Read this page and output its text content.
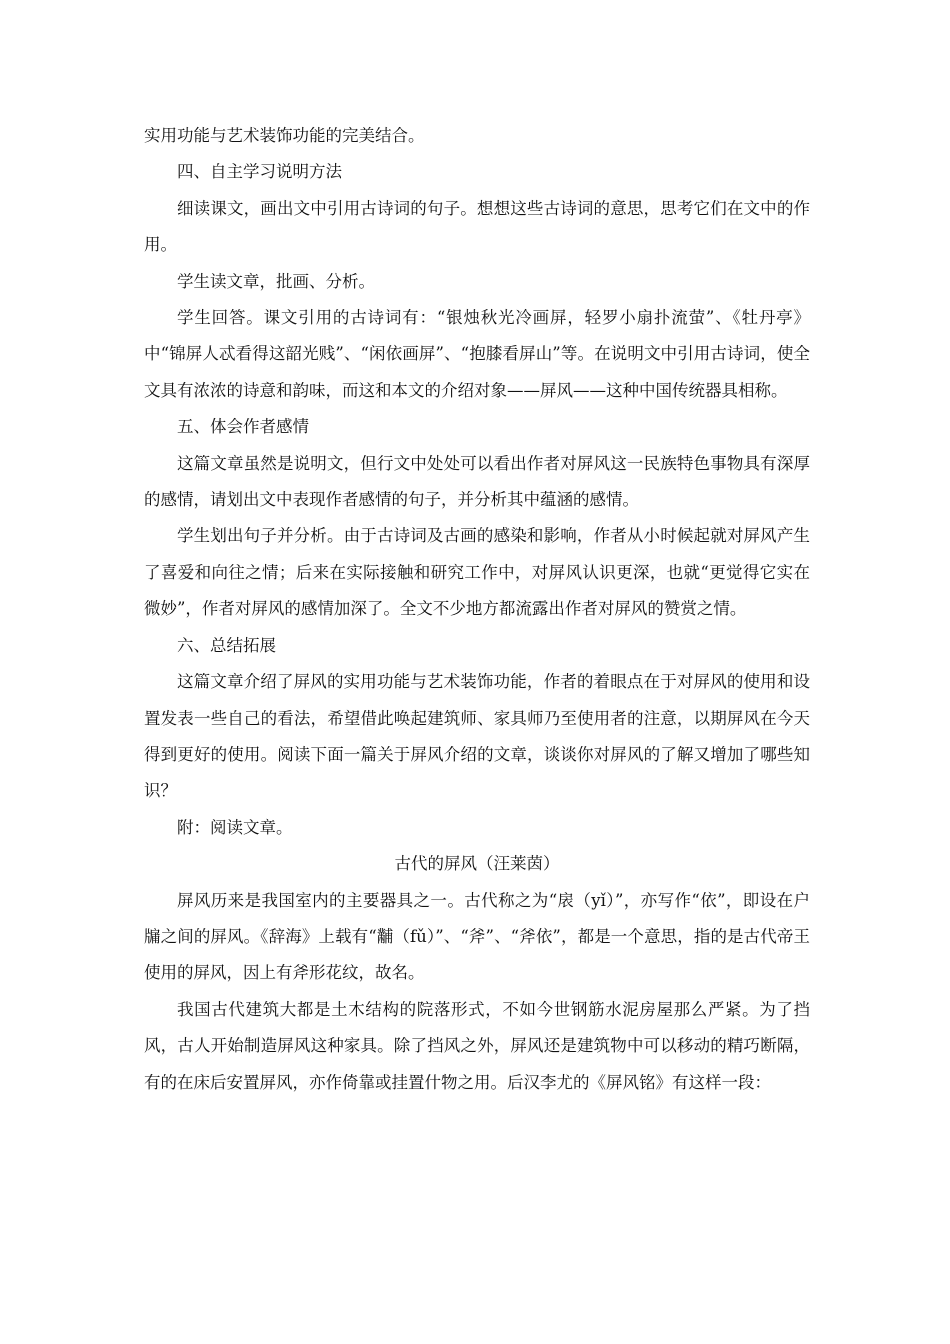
实用功能与艺术装饰功能的完美结合。

四、自主学习说明方法

细读课文，画出文中引用古诗词的句子。想想这些古诗词的意思，思考它们在文中的作用。

学生读文章，批画、分析。

学生回答。课文引用的古诗词有：“银烛秋光冷画屏，轻罗小扇扑流萤”、《牡丹亭》中“锦屏人忒看得这韶光贱”、“闲依画屏”、“抱膝看屏山”等。在说明文中引用古诗词，使全文具有浓浓的诗意和韵味，而这和本文的介绍对象——屏风——这种中国传统器具相称。

五、体会作者感情

这篇文章虽然是说明文，但行文中处处可以看出作者对屏风这一民族特色事物具有深厚的感情，请划出文中表现作者感情的句子，并分析其中蕴涵的感情。

学生划出句子并分析。由于古诗词及古画的感染和影响，作者从小时候起就对屏风产生了喜爱和向往之情；后来在实际接触和研究工作中，对屏风认识更深，也就“更觉得它实在微妙”，作者对屏风的感情加深了。全文不少地方都流露出作者对屏风的赞赏之情。

六、总结拓展

这篇文章介绍了屏风的实用功能与艺术装饰功能，作者的着眼点在于对屏风的使用和设置发表一些自己的看法，希望借此唤起建筑师、家具师乃至使用者的注意，以期屏风在今天得到更好的使用。阅读下面一篇关于屏风介绍的文章，谈谈你对屏风的了解又增加了哪些知识？

附：阅读文章。

古代的屏风（汪莱茵）

屏风历来是我国室内的主要器具之一。古代称之为“扆（yǐ）”，亦写作“依”，即设在户牖之间的屏风。《辞海》上载有“黼（fǔ）”、“斧”、“斧依”，都是一个意思，指的是古代帝王使用的屏风，因上有斧形花纹，故名。

我国古代建筑大都是土木结构的院落形式，不如今世钢筋水泥房屋那么严紧。为了挡风，古人开始制造屏风这种家具。除了挡风之外，屏风还是建筑物中可以移动的精巧断隔，有的在床后安置屏风，亦作倚靠或挂置什物之用。后汉李尤的《屏风铭》有这样一段：
